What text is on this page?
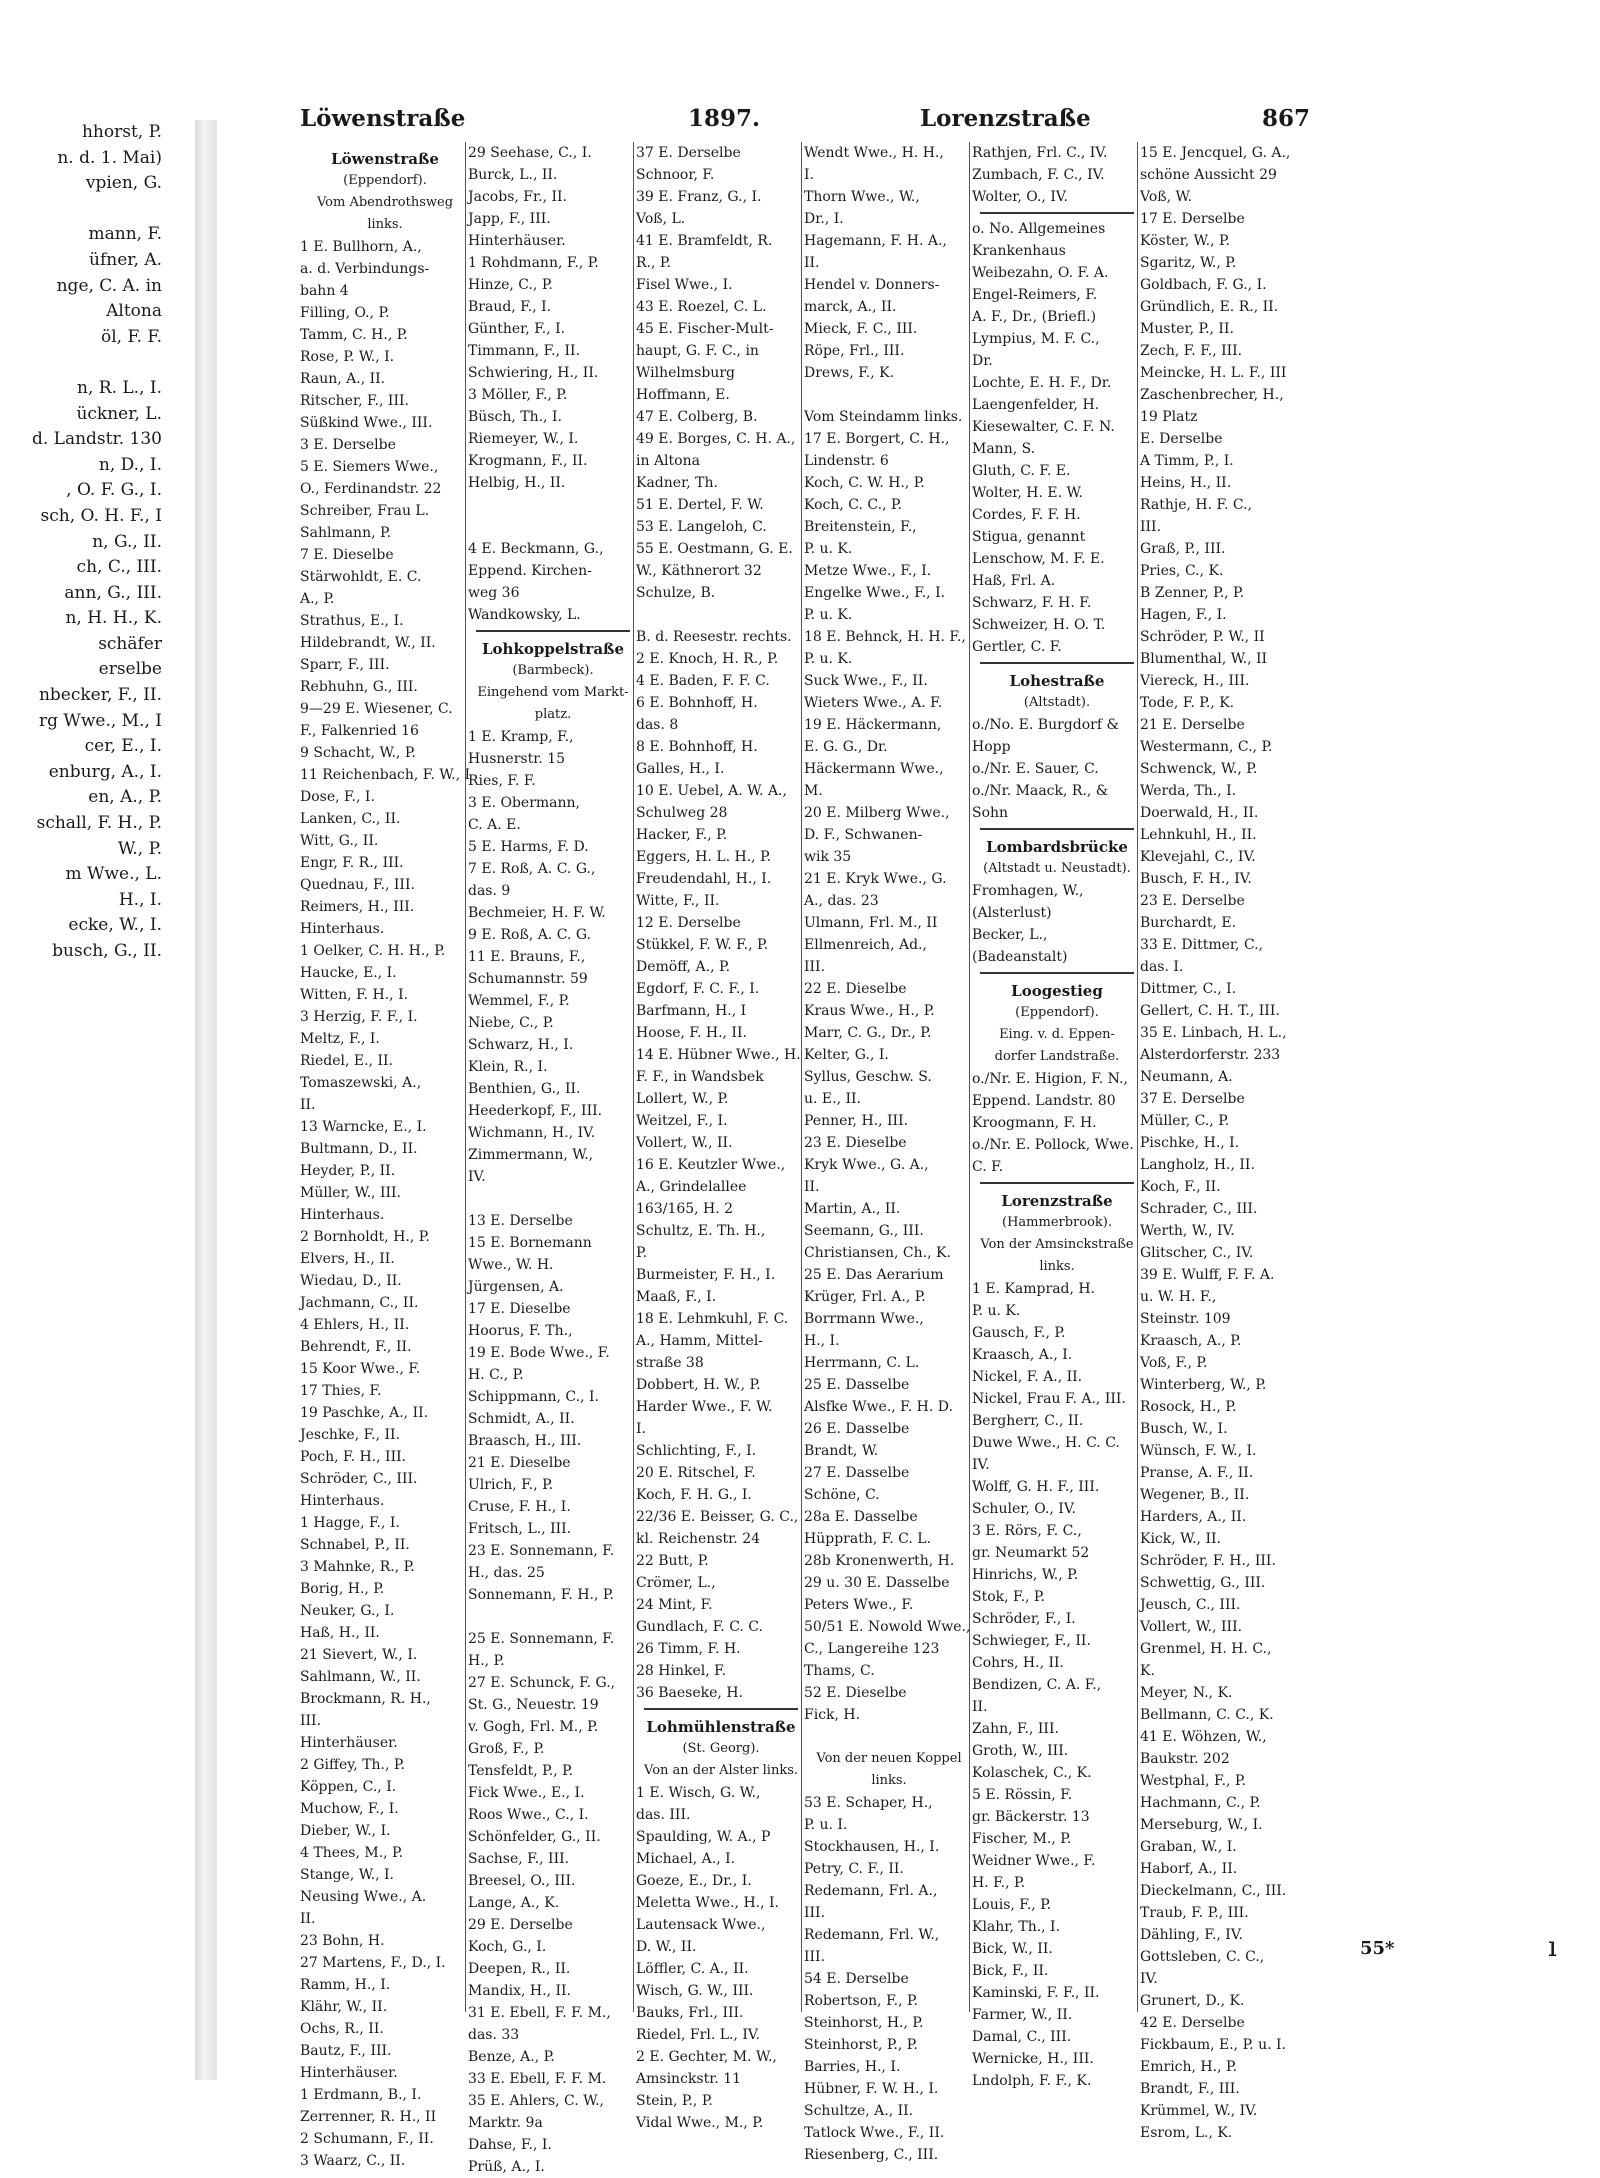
hhorst, P.
n. d. 1. Mai)
vpien, G.

mann, F.
üfner, A.
nge, C. A. in
Altona
öl, F. F.

n, R. L., I.
ückner, L.
d. Landstr. 130
n, D., I.
, O. F. G., I.
sch, O. H. F., I
n, G., II.
ch, C., III.
ann, G., III.
n, H. H., K.
schäfer
erselbe
nbecker, F., II.
rg Wwe., M., I
cer, E., I.
enburg, A., I.
en, A., P.
schall, F. H., P.
W., P.
m Wwe., L.
H., I.
ecke, W., I.
busch, G., II.
Löwenstraße	1897.	Lorenzstraße	867
Löwenstraße
(Eppendorf).
Vom Abendrothsweg
links.
1 E. Bullhorn, A.,
a. d. Verbindungs-
bahn 4
Filling, O., P.
Tamm, C. H., P.
Rose, P. W., I.
Raun, A., II.
Ritscher, F., III.
Süßkind Wwe., III.
3 E. Derselbe
5 E. Siemers Wwe.,
O., Ferdinandstr. 22
Schreiber, Frau L.
Sahlmann, P.
7 E. Dieselbe
Stärwohldt, E. C.
A., P.
Strathus, E., I.
Hildebrandt, W., II.
Sparr, F., III.
Rebhuhn, G., III.
9—29 E. Wiesener, C.
F., Falkenried 16
9 Schacht, W., P.
11 Reichenbach, F. W., I
Dose, F., I.
Lanken, C., II.
Witt, G., II.
Engr, F. R., III.
Quednau, F., III.
Reimers, H., III.
Hinterhaus.
1 Oelker, C. H. H., P.
Haucke, E., I.
Witten, F. H., I.
3 Herzig, F. F., I.
Meltz, F., I.
Riedel, E., II.
Tomaszewski, A.,
II.
13 Warncke, E., I.
Bultmann, D., II.
Heyder, P., II.
Müller, W., III.
Hinterhaus.
2 Bornholdt, H., P.
Elvers, H., II.
Wiedau, D., II.
Jachmann, C., II.
4 Ehlers, H., II.
Behrendt, F., II.
15 Koor Wwe., F.
17 Thies, F.
19 Paschke, A., II.
Jeschke, F., II.
Poch, F. H., III.
Schröder, C., III.
Hinterhaus.
1 Hagge, F., I.
Schnabel, P., II.
3 Mahnke, R., P.
Borig, H., P.
Neuker, G., I.
Haß, H., II.
21 Sievert, W., I.
Sahlmann, W., II.
Brockmann, R. H.,
III.
Hinterhäuser.
2 Giffey, Th., P.
Köppen, C., I.
Muchow, F., I.
Dieber, W., I.
4 Thees, M., P.
Stange, W., I.
Neusing Wwe., A.
II.
23 Bohn, H.
27 Martens, F., D., I.
Ramm, H., I.
Klähr, W., II.
Ochs, R., II.
Bautz, F., III.
Hinterhäuser.
1 Erdmann, B., I.
Zerrenner, R. H., II
2 Schumann, F., II.
3 Waarz, C., II.
29 Seehase, C., I.
Burck, L., II.
Jacobs, Fr., II.
Japp, F., III.
Hinterhäuser.
1 Rohdmann, F., P.
Hinze, C., P.
Braud, F., I.
Günther, F., I.
Timmann, F., II.
Schwiering, H., II.
3 Möller, F., P.
Büsch, Th., I.
Riemeyer, W., I.
Krogmann, F., II.
Helbig, H., II.

4 E. Beckmann, G.,
Eppend. Kirchen-
weg 36
Wandkowsky, L.
Lohkoppelstraße
(Barmbeck).
Eingehend vom Markt-
platz.
1 E. Kramp, F.,
Husnerstr. 15
Ries, F. F.
3 E. Obermann,
C. A. E.
5 E. Harms, F. D.
7 E. Roß, A. C. G.,
das. 9
Bechmeier, H. F. W.
9 E. Roß, A. C. G.
11 E. Brauns, F.,
Schumannstr. 59
Wemmel, F., P.
Niebe, C., P.
Schwarz, H., I.
Klein, R., I.
Benthien, G., II.
Heederkopf, F., III.
Wichmann, H., IV.
Zimmermann, W.,
IV.

13 E. Derselbe
15 E. Bornemann
Wwe., W. H.
Jürgensen, A.
17 E. Dieselbe
Hoorus, F. Th.,
19 E. Bode Wwe., F.
H. C., P.
Schippmann, C., I.
Schmidt, A., II.
Braasch, H., III.
21 E. Dieselbe
Ulrich, F., P.
Cruse, F. H., I.
Fritsch, L., III.
23 E. Sonnemann, F.
H., das. 25
Sonnemann, F. H., P.

25 E. Sonnemann, F.
H., P.
27 E. Schunck, F. G.,
St. G., Neuestr. 19
v. Gogh, Frl. M., P.
Groß, F., P.
Tensfeldt, P., P.
Fick Wwe., E., I.
Roos Wwe., C., I.
Schönfelder, G., II.
Sachse, F., III.
Breesel, O., III.
Lange, A., K.
29 E. Derselbe
Koch, G., I.
Deepen, R., II.
Mandix, H., II.
31 E. Ebell, F. F. M.,
das. 33
Benze, A., P.
33 E. Ebell, F. F. M.
35 E. Ahlers, C. W.,
Marktr. 9a
Dahse, F., I.
Prüß, A., I.
37 E. Derselbe
Schnoor, F.
39 E. Franz, G., I.
Voß, L.
41 E. Bramfeldt, R.
R., P.
Fisel Wwe., I.
43 E. Roezel, C. L.
45 E. Fischer-Mult-
haupt, G. F. C., in
Wilhelmsburg
Hoffmann, E.
47 E. Colberg, B.
49 E. Borges, C. H. A.,
in Altona
Kadner, Th.
51 E. Dertel, F. W.
53 E. Langeloh, C.
55 E. Oestmann, G. E.
W., Käthnerort 32
Schulze, B.

B. d. Reesestr. rechts.
2 E. Knoch, H. R., P.
4 E. Baden, F. F. C.
6 E. Bohnhoff, H.
das. 8
8 E. Bohnhoff, H.
Galles, H., I.
10 E. Uebel, A. W. A.,
Schulweg 28
Hacker, F., P.
Eggers, H. L. H., P.
Freudendahl, H., I.
Witte, F., II.
12 E. Derselbe
Stükkel, F. W. F., P.
Demöff, A., P.
Egdorf, F. C. F., I.
Barfmann, H., I
Hoose, F. H., II.
14 E. Hübner Wwe., H.
F. F., in Wandsbek
Lollert, W., P.
Weitzel, F., I.
Vollert, W., II.
16 E. Keutzler Wwe.,
A., Grindelallee
163/165, H. 2
Schultz, E. Th. H.,
P.
Burmeister, F. H., I.
Maaß, F., I.
18 E. Lehmkuhl, F. C.
A., Hamm, Mittel-
straße 38
Dobbert, H. W., P.
Harder Wwe., F. W.
I.
Schlichting, F., I.
20 E. Ritschel, F.
Koch, F. H. G., I.
22/36 E. Beisser, G. C.,
kl. Reichenstr. 24
22 Butt, P.
Crömer, L.,
24 Mint, F.
Gundlach, F. C. C.
26 Timm, F. H.
28 Hinkel, F.
36 Baeseke, H.
Lohmühlenstraße
(St. Georg).
Von an der Alster links.
1 E. Wisch, G. W.,
das. III.
Spaulding, W. A., P
Michael, A., I.
Goeze, E., Dr., I.
Meletta Wwe., H., I.
Lautensack Wwe.,
D. W., II.
Löffler, C. A., II.
Wisch, G. W., III.
Bauks, Frl., III.
Riedel, Frl. L., IV.
2 E. Gechter, M. W.,
Amsinckstr. 11
Stein, P., P.
Vidal Wwe., M., P.
Wendt Wwe., H. H.,
I.
Thorn Wwe., W.,
Dr., I.
Hagemann, F. H. A.,
II.
Hendel v. Donners-
marck, A., II.
Mieck, F. C., III.
Röpe, Frl., III.
Drews, F., K.

Vom Steindamm links.
17 E. Borgert, C. H.,
Lindenstr. 6
Koch, C. W. H., P.
Koch, C. C., P.
Breitenstein, F.,
P. u. K.
Metze Wwe., F., I.
Engelke Wwe., F., I.
P. u. K.
18 E. Behnck, H. H. F.,
P. u. K.
Suck Wwe., F., II.
Wieters Wwe., A. F.
19 E. Häckermann,
E. G. G., Dr.
Häckermann Wwe.,
M.
20 E. Milberg Wwe.,
D. F., Schwanen-
wik 35
21 E. Kryk Wwe., G.
A., das. 23
Ulmann, Frl. M., II
Ellmenreich, Ad.,
III.
22 E. Dieselbe
Kraus Wwe., H., P.
Marr, C. G., Dr., P.
Kelter, G., I.
Syllus, Geschw. S.
u. E., II.
Penner, H., III.
23 E. Dieselbe
Kryk Wwe., G. A.,
II.
Martin, A., II.
Seemann, G., III.
Christiansen, Ch., K.
25 E. Das Aerarium
Krüger, Frl. A., P.
Borrmann Wwe.,
H., I.
Herrmann, C. L.
25 E. Dasselbe
Alsfke Wwe., F. H. D.
26 E. Dasselbe
Brandt, W.
27 E. Dasselbe
Schöne, C.
28a E. Dasselbe
Hüpprath, F. C. L.
28b Kronenwerth, H.
29 u. 30 E. Dasselbe
Peters Wwe., F.
50/51 E. Nowold Wwe.,
C., Langereihe 123
Thams, C.
52 E. Dieselbe
Fick, H.

Von der neuen Koppel
links.
53 E. Schaper, H.,
P. u. I.
Stockhausen, H., I.
Petry, C. F., II.
Redemann, Frl. A.,
III.
Redemann, Frl. W.,
III.
54 E. Derselbe
Robertson, F., P.
Steinhorst, H., P.
Steinhorst, P., P.
Barries, H., I.
Hübner, F. W. H., I.
Schultze, A., II.
Tatlock Wwe., F., II.
Riesenberg, C., III.
Rathjen, Frl. C., IV.
Zumbach, F. C., IV.
Wolter, O., IV.
o. No. Allgemeines
Krankenhaus
Weibezahn, O. F. A.
Engel-Reimers, F.
A. F., Dr., (Briefl.)
Lympius, M. F. C.,
Dr.
Lochte, E. H. F., Dr.
Laengenfelder, H.
Kiesewalter, C. F. N.
Mann, S.
Gluth, C. F. E.
Wolter, H. E. W.
Cordes, F. F. H.
Stigua, genannt
Lenschow, M. F. E.
Haß, Frl. A.
Schwarz, F. H. F.
Schweizer, H. O. T.
Gertler, C. F.
Lohestraße
(Altstadt).
o./No. E. Burgdorf &
Hopp
o./Nr. E. Sauer, C.
o./Nr. Maack, R., &
Sohn
Lombardsbrücke
(Altstadt u. Neustadt).
Fromhagen, W.,
(Alsterlust)
Becker, L.,
(Badeanstalt)
Loogestieg
(Eppendorf).
Eing. v. d. Eppen-
dorfer Landstraße.
o./Nr. E. Higion, F. N.,
Eppend. Landstr. 80
Kroogmann, F. H.
o./Nr. E. Pollock, Wwe.
C. F.
Lorenzstraße
(Hammerbrook).
Von der Amsinckstraße
links.
1 E. Kamprad, H.
P. u. K.
Gausch, F., P.
Kraasch, A., I.
Nickel, F. A., II.
Nickel, Frau F. A., III.
Bergherr, C., II.
Duwe Wwe., H. C. C.
IV.
Wolff, G. H. F., III.
Schuler, O., IV.
3 E. Rörs, F. C.,
gr. Neumarkt 52
Hinrichs, W., P.
Stok, F., P.
Schröder, F., I.
Schwieger, F., II.
Cohrs, H., II.
Bendizen, C. A. F.,
II.
Zahn, F., III.
Groth, W., III.
Kolaschek, C., K.
5 E. Rössin, F.
gr. Bäckerstr. 13
Fischer, M., P.
Weidner Wwe., F.
H. F., P.
Louis, F., P.
Klahr, Th., I.
Bick, W., II.
Bick, F., II.
Kaminski, F. F., II.
Farmer, W., II.
Damal, C., III.
Wernicke, H., III.
Lndolph, F. F., K.
15 E. Jencquel, G. A.,
schöne Aussicht 29
Voß, W.
17 E. Derselbe
Köster, W., P.
Sgaritz, W., P.
Goldbach, F. G., I.
Gründlich, E. R., II.
Muster, P., II.
Zech, F. F., III.
Meincke, H. L. F., III
Zaschenbrecher, H.,
19 Platz
E. Derselbe
A Timm, P., I.
Heins, H., II.
Rathje, H. F. C.,
III.
Graß, P., III.
Pries, C., K.
B Zenner, P., P.
Hagen, F., I.
Schröder, P. W., II
Blumenthal, W., II
Viereck, H., III.
Tode, F. P., K.
21 E. Derselbe
Westermann, C., P.
Schwenck, W., P.
Werda, Th., I.
Doerwald, H., II.
Lehnkuhl, H., II.
Klevejahl, C., IV.
Busch, F. H., IV.
23 E. Derselbe
Burchardt, E.
33 E. Dittmer, C.,
das. I.
Dittmer, C., I.
Gellert, C. H. T., III.
35 E. Linbach, H. L.,
Alsterdorferstr. 233
Neumann, A.
37 E. Derselbe
Müller, C., P.
Pischke, H., I.
Langholz, H., II.
Koch, F., II.
Schrader, C., III.
Werth, W., IV.
Glitscher, C., IV.
39 E. Wulff, F. F. A.
u. W. H. F.,
Steinstr. 109
Kraasch, A., P.
Voß, F., P.
Winterberg, W., P.
Rosock, H., P.
Busch, W., I.
Wünsch, F. W., I.
Pranse, A. F., II.
Wegener, B., II.
Harders, A., II.
Kick, W., II.
Schröder, F. H., III.
Schwettig, G., III.
Jeusch, C., III.
Vollert, W., III.
Grenmel, H. H. C.,
K.
Meyer, N., K.
Bellmann, C. C., K.
41 E. Wöhzen, W.,
Baukstr. 202
Westphal, F., P.
Hachmann, C., P.
Merseburg, W., I.
Graban, W., I.
Haborf, A., II.
Dieckelmann, C., III.
Traub, F. P., III.
Dähling, F., IV.
Gottsleben, C. C.,
IV.
Grunert, D., K.
42 E. Derselbe
Fickbaum, E., P. u. I.
Emrich, H., P.
Brandt, F., III.
Krümmel, W., IV.
Esrom, L., K.
55*	ı
